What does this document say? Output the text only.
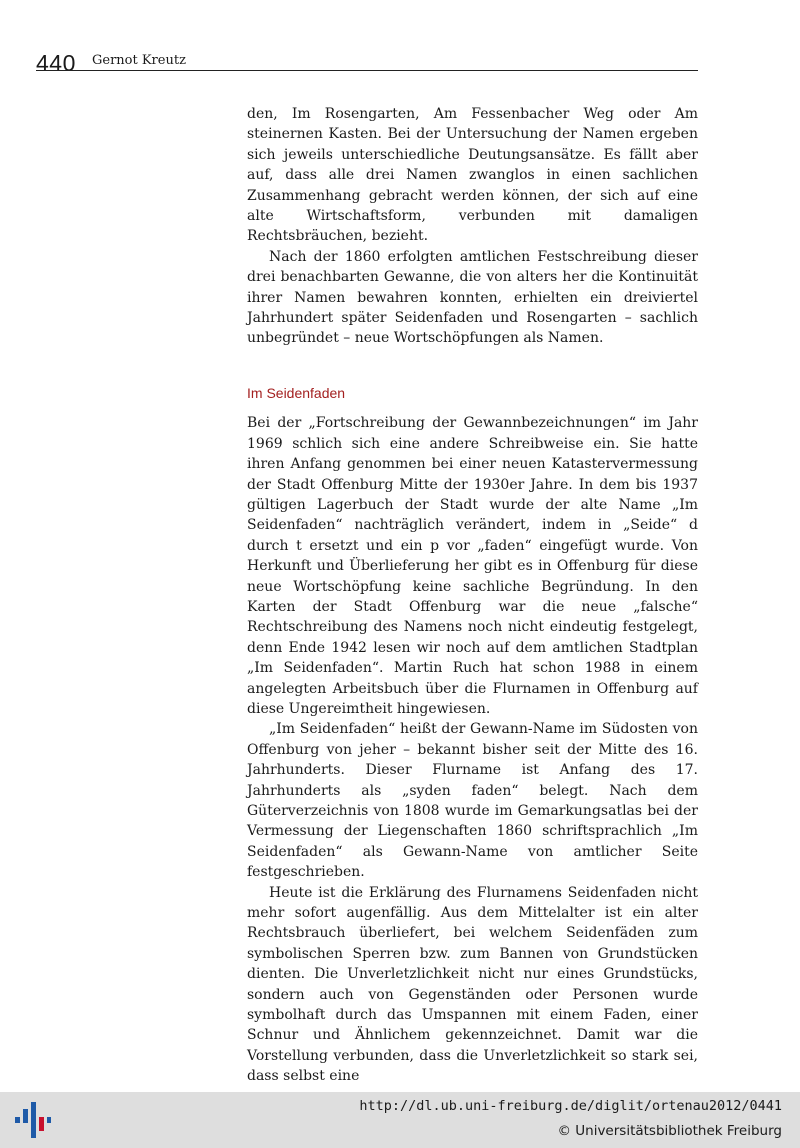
440 Gernot Kreutz

den, Im Rosengarten, Am Fessenbacher Weg oder Am steinernen Kasten. Bei der Untersuchung der Namen ergeben sich jeweils unterschiedliche Deutungsansätze. Es fällt aber auf, dass alle drei Namen zwanglos in einen sachlichen Zusammenhang gebracht werden können, der sich auf eine alte Wirtschaftsform, verbunden mit damaligen Rechtsbräuchen, bezieht.

Nach der 1860 erfolgten amtlichen Festschreibung dieser drei benachbarten Gewanne, die von alters her die Kontinuität ihrer Namen bewahren konnten, erhielten ein dreiviertel Jahrhundert später Seidenfaden und Rosengarten – sachlich unbegründet – neue Wortschöpfungen als Namen.

Im Seidenfaden

Bei der „Fortschreibung der Gewannbezeichnungen“ im Jahr 1969 schlich sich eine andere Schreibweise ein. Sie hatte ihren Anfang genommen bei einer neuen Katastervermessung der Stadt Offenburg Mitte der 1930er Jahre. In dem bis 1937 gültigen Lagerbuch der Stadt wurde der alte Name „Im Seidenfaden“ nachträglich verändert, indem in „Seide“ d durch t ersetzt und ein p vor „faden“ eingefügt wurde. Von Herkunft und Überlieferung her gibt es in Offenburg für diese neue Wortschöpfung keine sachliche Begründung. In den Karten der Stadt Offenburg war die neue „falsche“ Rechtschreibung des Namens noch nicht eindeutig festgelegt, denn Ende 1942 lesen wir noch auf dem amtlichen Stadtplan „Im Seidenfaden“. Martin Ruch hat schon 1988 in einem angelegten Arbeitsbuch über die Flurnamen in Offenburg auf diese Ungereimtheit hingewiesen.

„Im Seidenfaden“ heißt der Gewann-Name im Südosten von Offenburg von jeher – bekannt bisher seit der Mitte des 16. Jahrhunderts. Dieser Flurname ist Anfang des 17. Jahrhunderts als „syden faden“ belegt. Nach dem Güterverzeichnis von 1808 wurde im Gemarkungsatlas bei der Vermessung der Liegenschaften 1860 schriftsprachlich „Im Seidenfaden“ als Gewann-Name von amtlicher Seite festgeschrieben.

Heute ist die Erklärung des Flurnamens Seidenfaden nicht mehr sofort augenfällig. Aus dem Mittelalter ist ein alter Rechtsbrauch überliefert, bei welchem Seidenfäden zum symbolischen Sperren bzw. zum Bannen von Grundstücken dienten. Die Unverletzlichkeit nicht nur eines Grundstücks, sondern auch von Gegenständen oder Personen wurde symbolhaft durch das Umspannen mit einem Faden, einer Schnur und Ähnlichem gekennzeichnet. Damit war die Vorstellung verbunden, dass die Unverletzlichkeit so stark sei, dass selbst eine

http://dl.ub.uni-freiburg.de/diglit/ortenau2012/0441
© Universitätsbibliothek Freiburg
